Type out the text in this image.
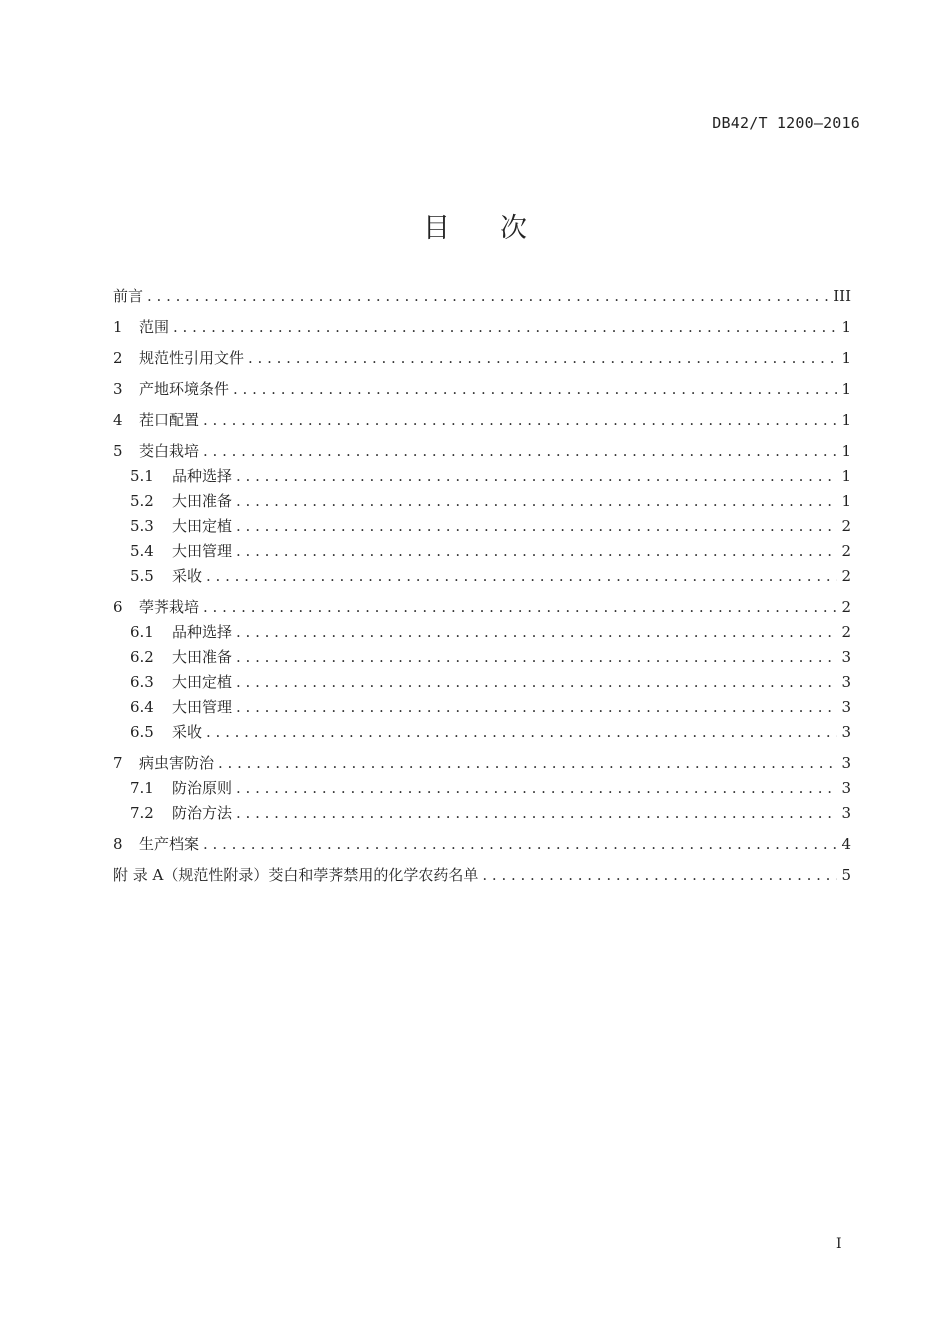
DB42/T 1200—2016
目 次
前言 . . .	III
1	范围 . . .	1
2	规范性引用文件 . . .	1
3	产地环境条件 . . .	1
4	茬口配置 . . .	1
5	茭白栽培 . . .	1
5.1	品种选择 . . .	1
5.2	大田准备 . . .	1
5.3	大田定植 . . .	2
5.4	大田管理 . . .	2
5.5	采收 . . .	2
6	荸荠栽培 . . .	2
6.1	品种选择 . . .	2
6.2	大田准备 . . .	3
6.3	大田定植 . . .	3
6.4	大田管理 . . .	3
6.5	采收 . . .	3
7	病虫害防治 . . .	3
7.1	防治原则 . . .	3
7.2	防治方法 . . .	3
8	生产档案 . . .	4
附 录 A（规范性附录）茭白和荸荠禁用的化学农药名单 . . .	5
I
